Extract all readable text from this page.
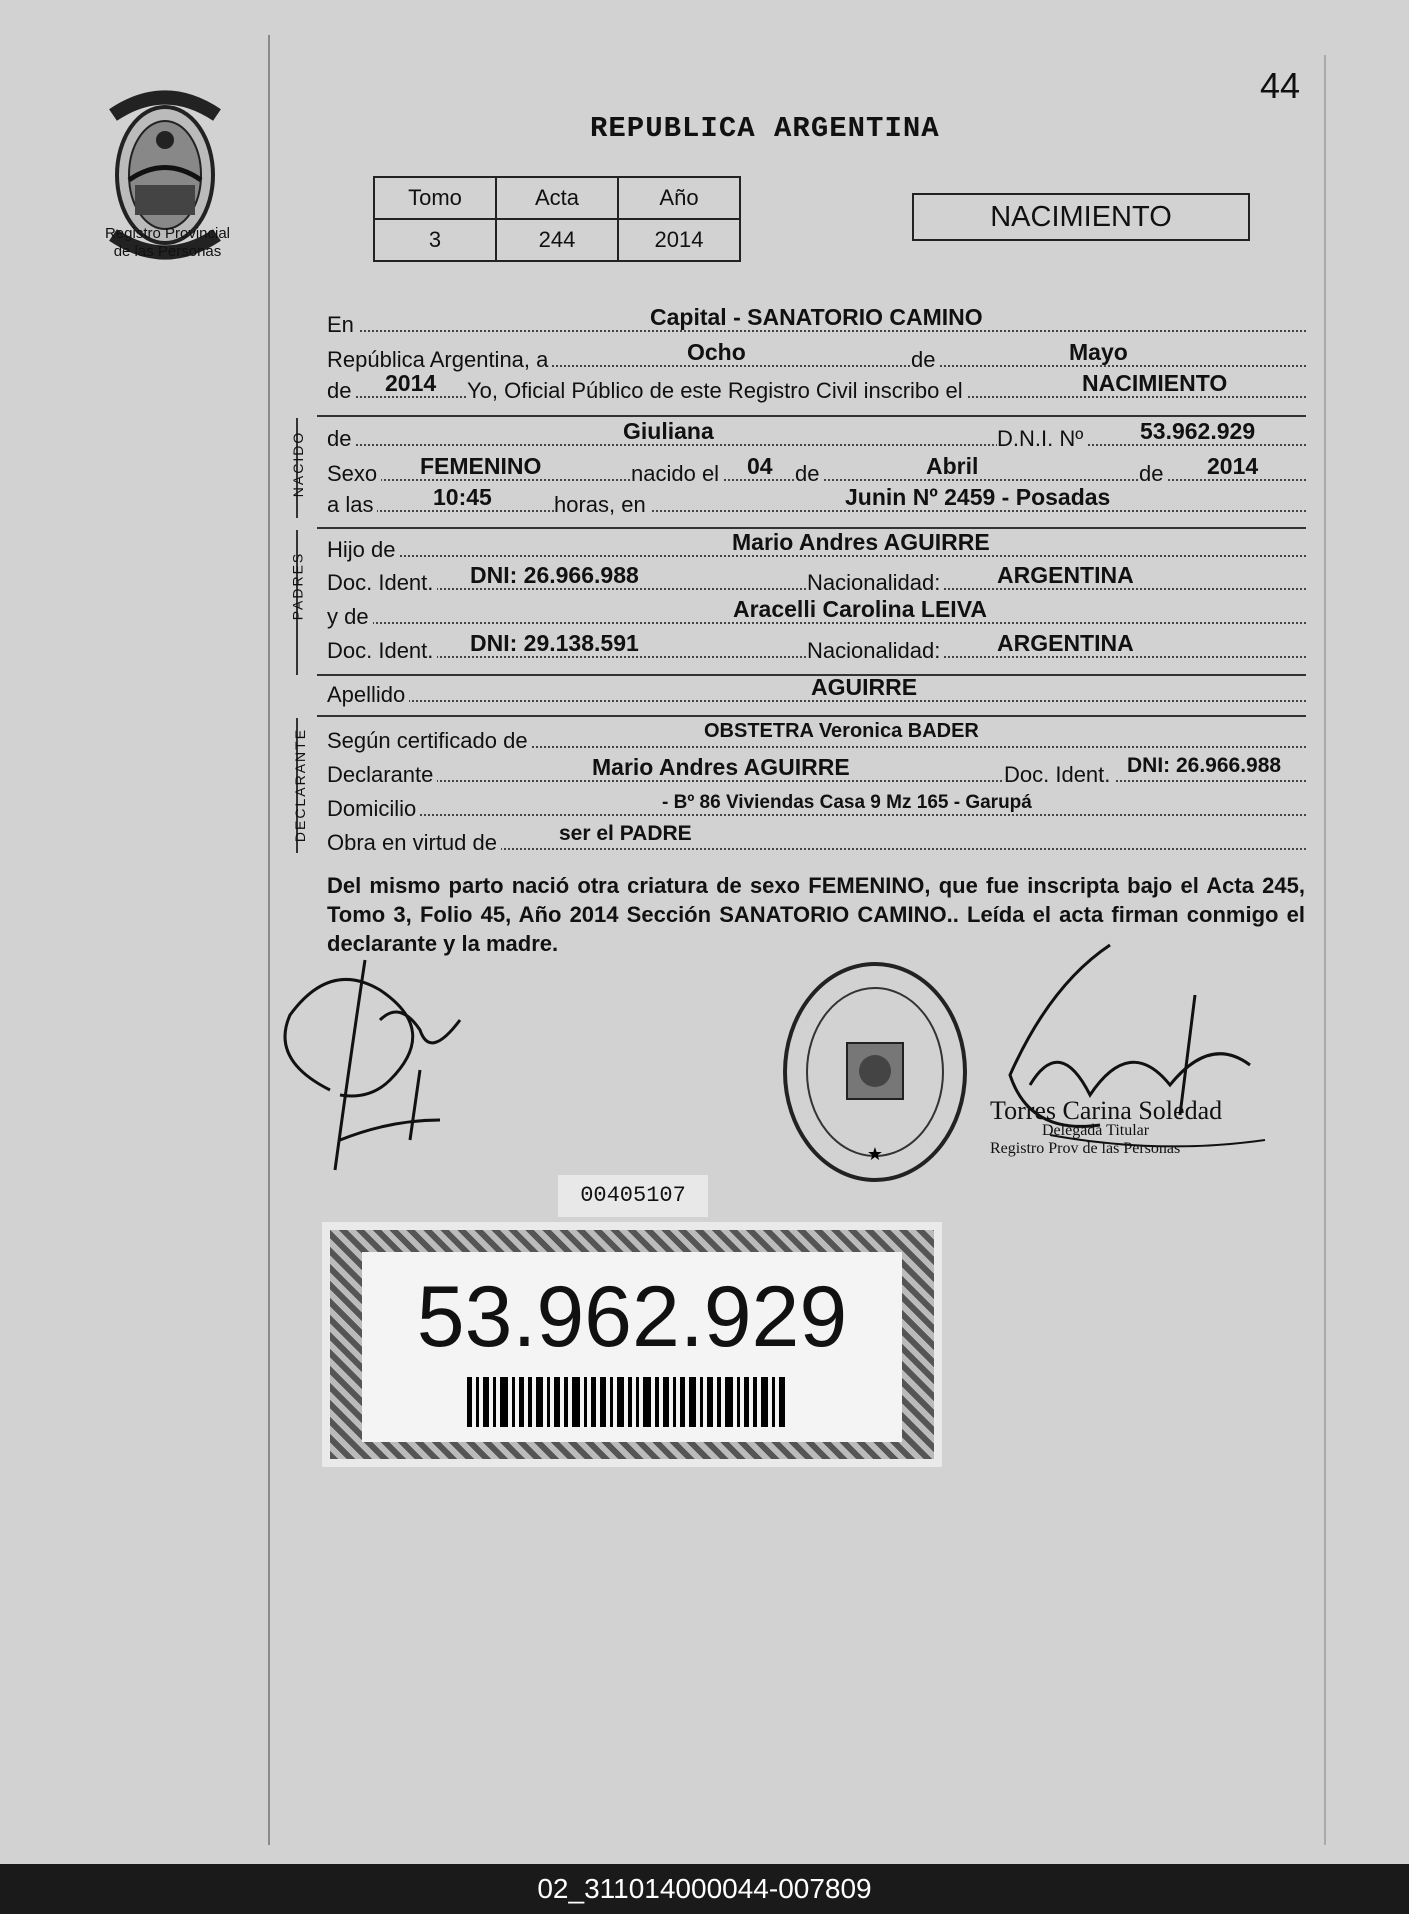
Registro Provincial
de las Personas
44
REPUBLICA ARGENTINA
Tomo	Acta	Año
3	244	2014
NACIMIENTO
En	Capital - SANATORIO CAMINO
República Argentina, a	Ocho	de	Mayo
de 2014 Yo, Oficial Público de este Registro Civil inscribo el	NACIMIENTO
NACIDO de	Giuliana	D.N.I. Nº 53.962.929
Sexo FEMENINO	nacido el 04 de	Abril	de 2014
a las	10:45	horas, en	Junin Nº 2459 - Posadas
PADRES
Hijo de	Mario Andres AGUIRRE
Doc. Ident. DNI: 26.966.988	Nacionalidad: ARGENTINA
y de	Aracelli Carolina LEIVA
Doc. Ident. DNI: 29.138.591	Nacionalidad: ARGENTINA
Apellido	AGUIRRE
DECLARANTE Según certificado de	OBSTETRA Veronica BADER
Declarante	Mario Andres AGUIRRE	Doc. Ident. DNI: 26.966.988
Domicilio	- Bº 86 Viviendas Casa 9 Mz 165 - Garupá
Obra en virtud de	ser el PADRE
Del mismo parto nació otra criatura de sexo FEMENINO, que fue inscripta bajo el Acta 245, Tomo 3, Folio 45, Año 2014 Sección SANATORIO CAMINO.. Leída el acta firman conmigo el declarante y la madre.
★
Torres Carina Soledad
Delegada Titular
Registro Prov de las Personas
00405107
53.962.929
02_311014000044-007809
